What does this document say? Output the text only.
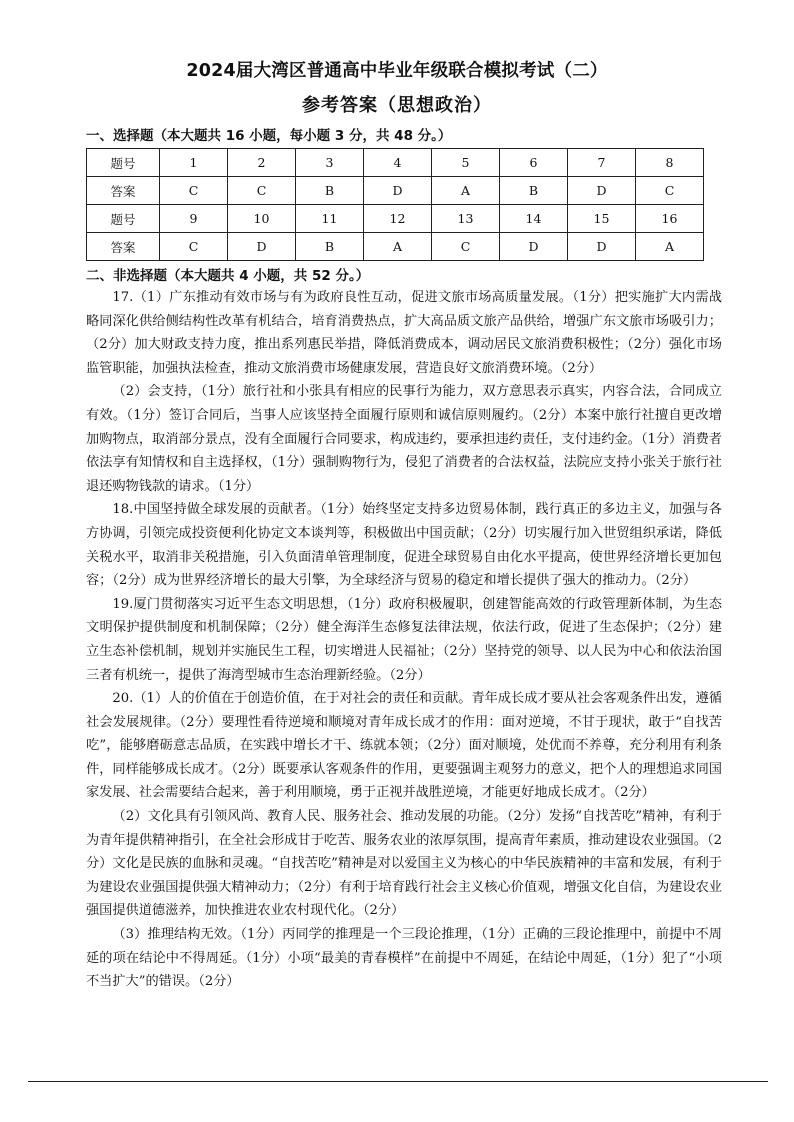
2024届大湾区普通高中毕业年级联合模拟考试（二）
参考答案（思想政治）
一、选择题（本大题共 16 小题，每小题 3 分，共 48 分。）
题号	1	2	3	4	5	6	7	8
答案	C	C	B	D	A	B	D	C
题号	9	10	11	12	13	14	15	16
答案	C	D	B	A	C	D	D	A
二、非选择题（本大题共 4 小题，共 52 分。）

17.（1）广东推动有效市场与有为政府良性互动，促进文旅市场高质量发展。（1分）把实施扩大内需战略同深化供给侧结构性改革有机结合，培育消费热点，扩大高品质文旅产品供给，增强广东文旅市场吸引力；（2分）加大财政支持力度，推出系列惠民举措，降低消费成本，调动居民文旅消费积极性；（2分）强化市场监管职能，加强执法检查，推动文旅消费市场健康发展，营造良好文旅消费环境。（2分）

（2）会支持，（1分）旅行社和小张具有相应的民事行为能力，双方意思表示真实，内容合法，合同成立有效。（1分）签订合同后，当事人应该坚持全面履行原则和诚信原则履约。（2分）本案中旅行社擅自更改增加购物点，取消部分景点，没有全面履行合同要求，构成违约，要承担违约责任，支付违约金。（1分）消费者依法享有知情权和自主选择权，（1分）强制购物行为，侵犯了消费者的合法权益，法院应支持小张关于旅行社退还购物钱款的请求。（1分）

18.中国坚持做全球发展的贡献者。（1分）始终坚定支持多边贸易体制，践行真正的多边主义，加强与各方协调，引领完成投资便利化协定文本谈判等，积极做出中国贡献；（2分）切实履行加入世贸组织承诺，降低关税水平，取消非关税措施，引入负面清单管理制度，促进全球贸易自由化水平提高，使世界经济增长更加包容；（2分）成为世界经济增长的最大引擎，为全球经济与贸易的稳定和增长提供了强大的推动力。（2分）

19.厦门贯彻落实习近平生态文明思想，（1分）政府积极履职，创建智能高效的行政管理新体制，为生态文明保护提供制度和机制保障；（2分）健全海洋生态修复法律法规，依法行政，促进了生态保护；（2分）建立生态补偿机制，规划并实施民生工程，切实增进人民福祉；（2分）坚持党的领导、以人民为中心和依法治国三者有机统一，提供了海湾型城市生态治理新经验。（2分）

20.（1）人的价值在于创造价值，在于对社会的责任和贡献。青年成长成才要从社会客观条件出发，遵循社会发展规律。（2分）要理性看待逆境和顺境对青年成长成才的作用：面对逆境，不甘于现状，敢于“自找苦吃”，能够磨砺意志品质，在实践中增长才干、练就本领；（2分）面对顺境，处优而不养尊，充分利用有利条件，同样能够成长成才。（2分）既要承认客观条件的作用，更要强调主观努力的意义，把个人的理想追求同国家发展、社会需要结合起来，善于利用顺境，勇于正视并战胜逆境，才能更好地成长成才。（2分）

（2）文化具有引领风尚、教育人民、服务社会、推动发展的功能。（2分）发扬“自找苦吃”精神，有利于为青年提供精神指引，在全社会形成甘于吃苦、服务农业的浓厚氛围，提高青年素质，推动建设农业强国。（2分）文化是民族的血脉和灵魂。“自找苦吃”精神是对以爱国主义为核心的中华民族精神的丰富和发展，有利于为建设农业强国提供强大精神动力；（2分）有利于培育践行社会主义核心价值观，增强文化自信，为建设农业强国提供道德滋养，加快推进农业农村现代化。（2分）

（3）推理结构无效。（1分）丙同学的推理是一个三段论推理，（1分）正确的三段论推理中，前提中不周延的项在结论中不得周延。（1分）小项“最美的青春模样”在前提中不周延，在结论中周延，（1分）犯了“小项不当扩大”的错误。（2分）
